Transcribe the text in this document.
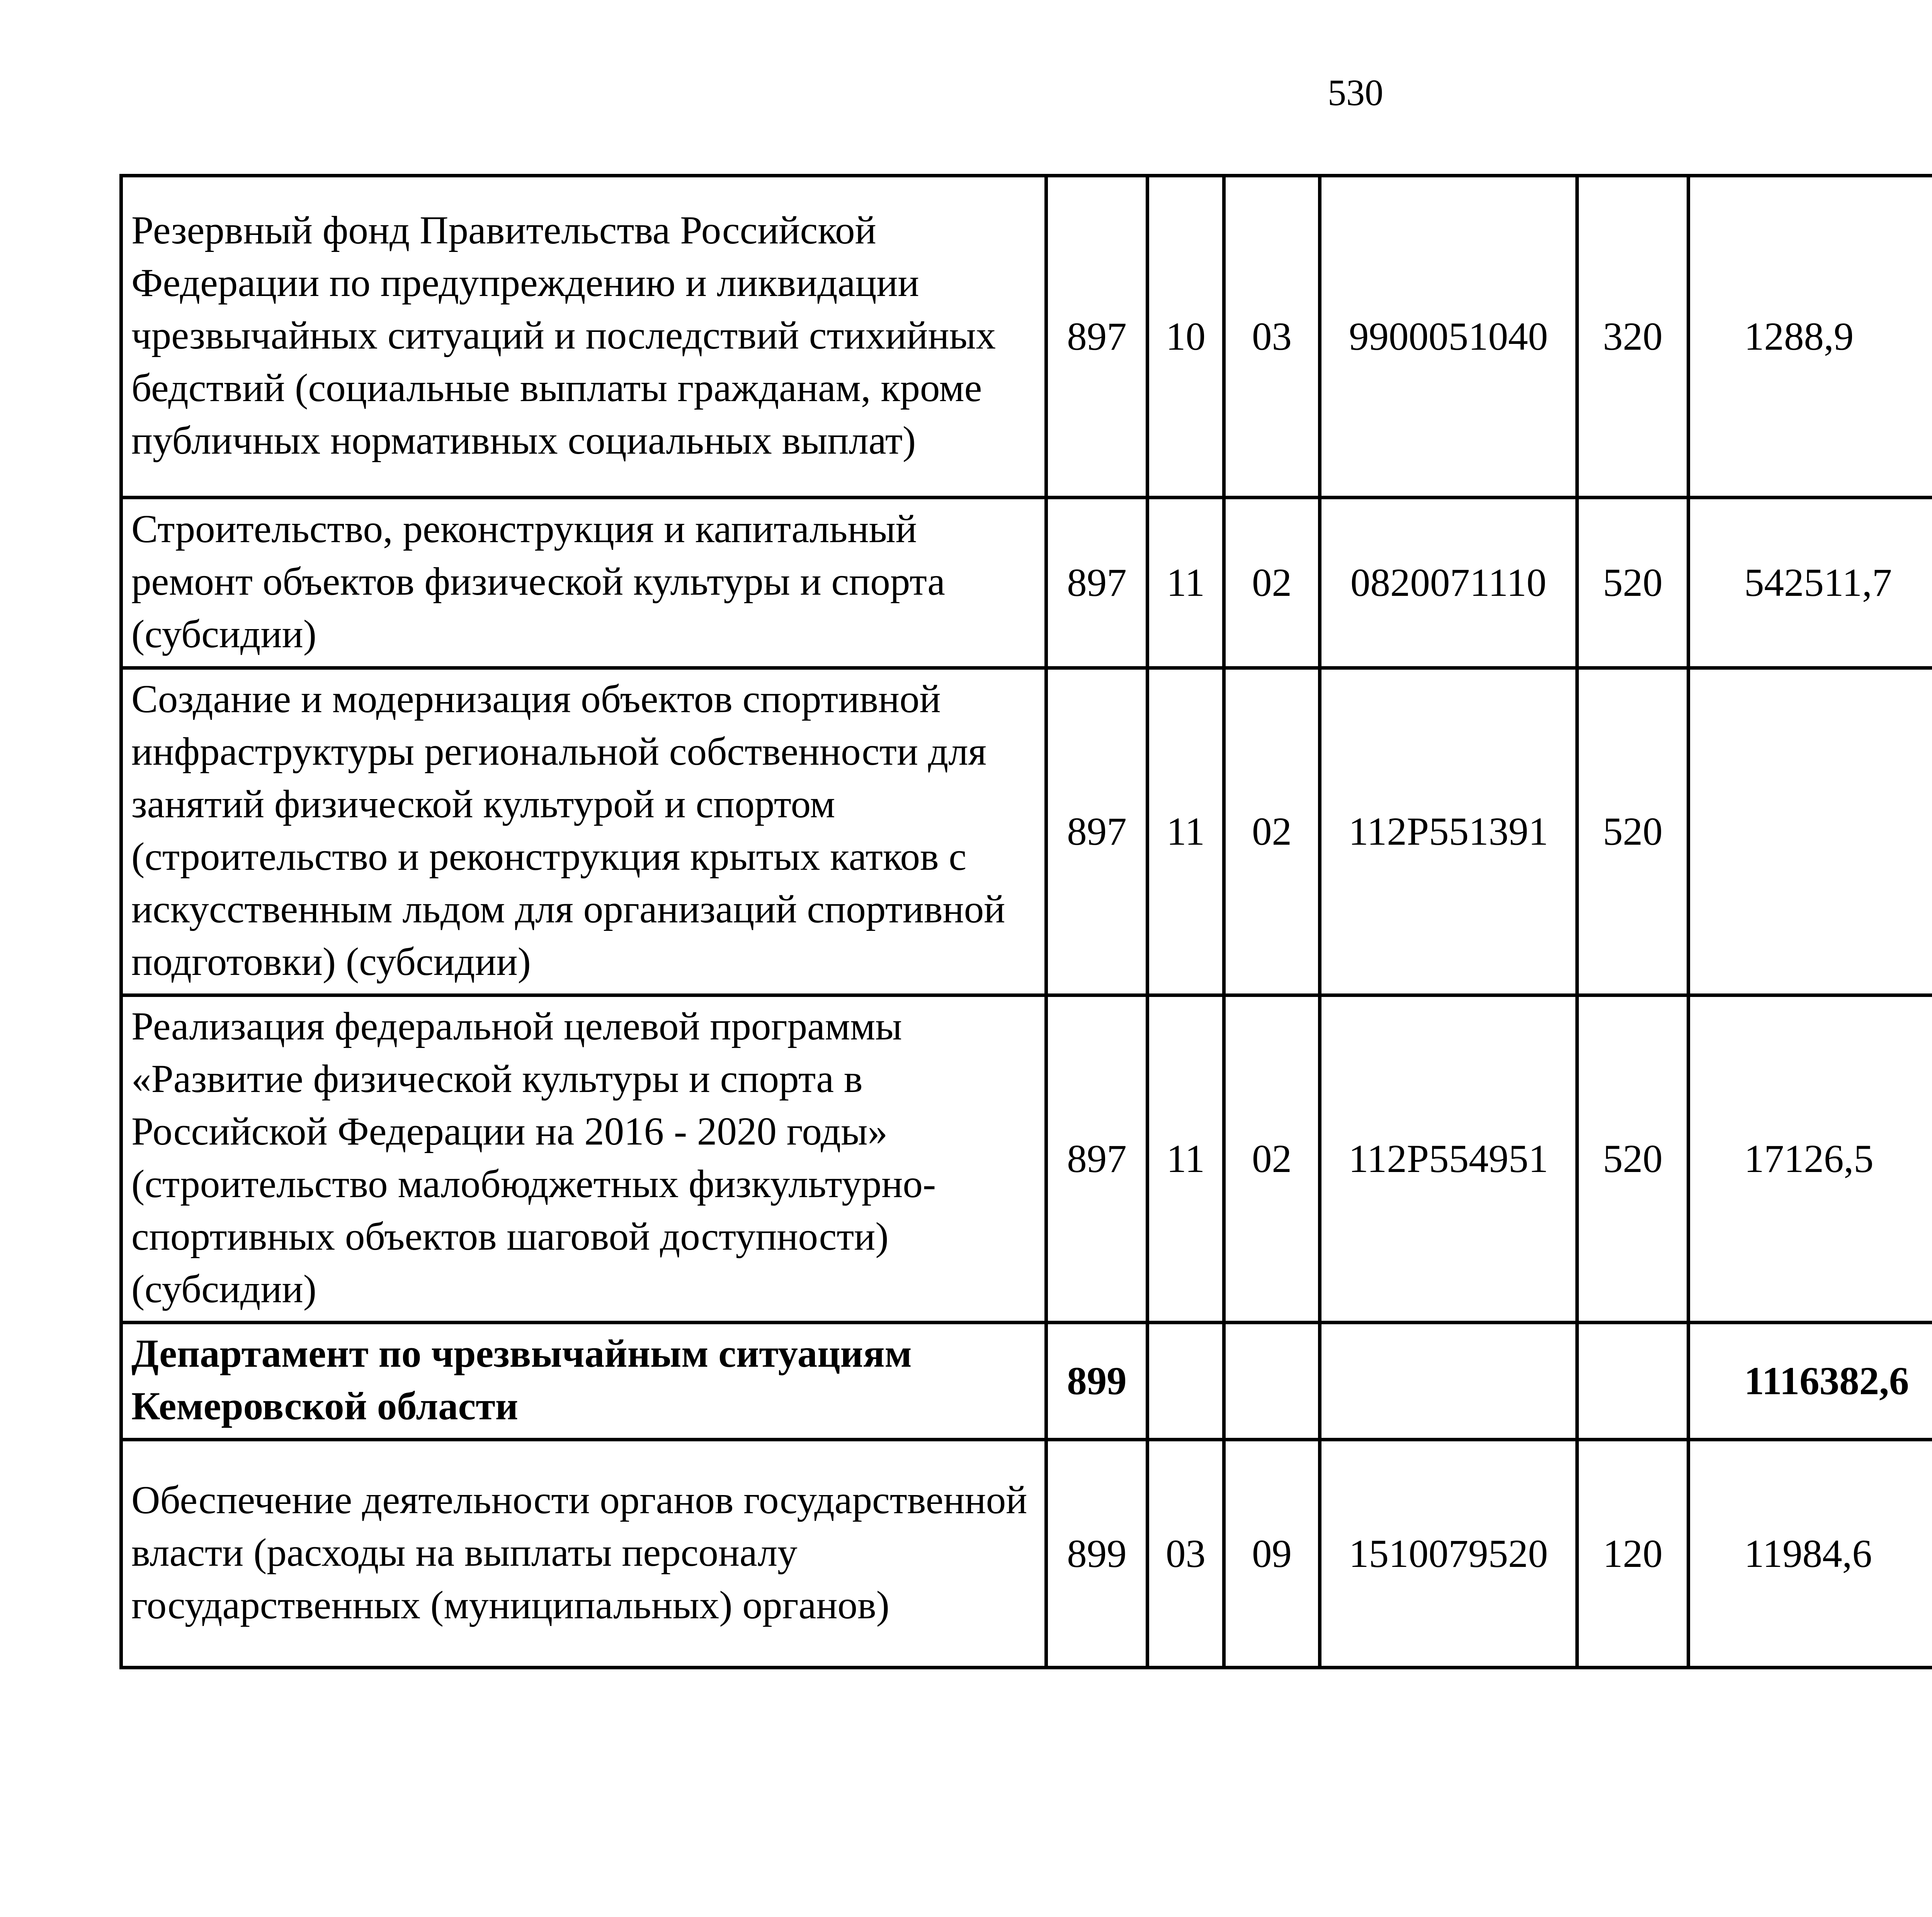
530
Резервный фонд Правительства Российской Федерации по предупреждению и ликвидации чрезвычайных ситуаций и последствий стихийных бедствий (социальные выплаты гражданам, кроме публичных нормативных социальных выплат)	897	10	03	9900051040	320	1288,9		
Строительство, реконструкция и капитальный ремонт объектов физической культуры и спорта (субсидии)	897	11	02	0820071110	520	542511,7		
Создание и модернизация объектов спортивной инфраструктуры региональной собственности для занятий физической культурой и спортом (строительство и реконструкция крытых катков с искусственным льдом для организаций спортивной подготовки) (субсидии)	897	11	02	112P551391	520			
Реализация федеральной целевой программы «Развитие физической культуры и спорта в Российской Федерации на 2016 - 2020 годы» (строительство малобюджетных физкультурно-спортивных объектов шаговой доступности) (субсидии)	897	11	02	112P554951	520	17126,5		
Департамент по чрезвычайным ситуациям Кемеровской области	899					1116382,6		
Обеспечение деятельности органов государственной власти (расходы на выплаты персоналу государственных (муниципальных) органов)	899	03	09	1510079520	120	11984,6		
